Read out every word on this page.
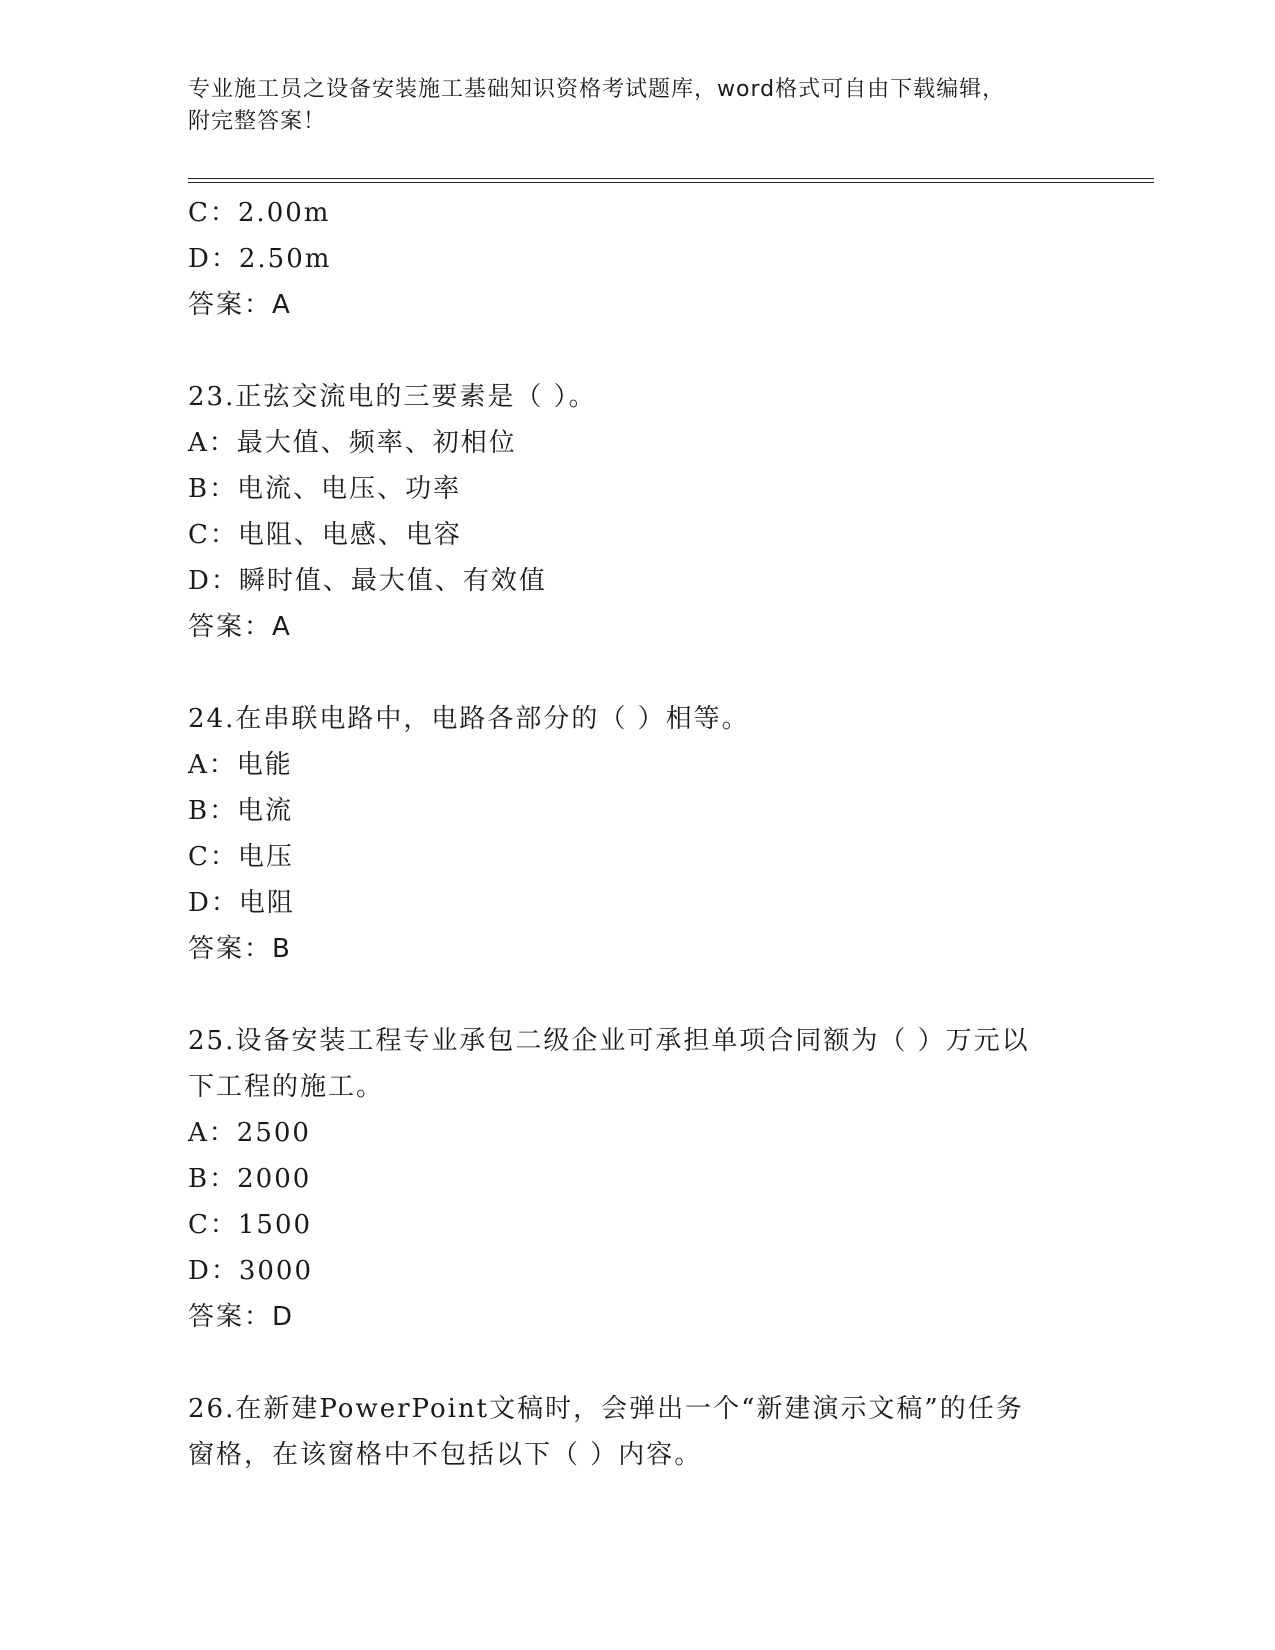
专业施工员之设备安装施工基础知识资格考试题库，word格式可自由下载编辑，
附完整答案！
C：2.00m
D：2.50m
答案：A
23.正弦交流电的三要素是（ ）。
A：最大值、频率、初相位
B：电流、电压、功率
C：电阻、电感、电容
D：瞬时值、最大值、有效值
答案：A
24.在串联电路中，电路各部分的（ ）相等。
A：电能
B：电流
C：电压
D：电阻
答案：B
25.设备安装工程专业承包二级企业可承担单项合同额为（ ）万元以
下工程的施工。
A：2500
B：2000
C：1500
D：3000
答案：D
26.在新建PowerPoint文稿时，会弹出一个“新建演示文稿”的任务
窗格，在该窗格中不包括以下（ ）内容。
